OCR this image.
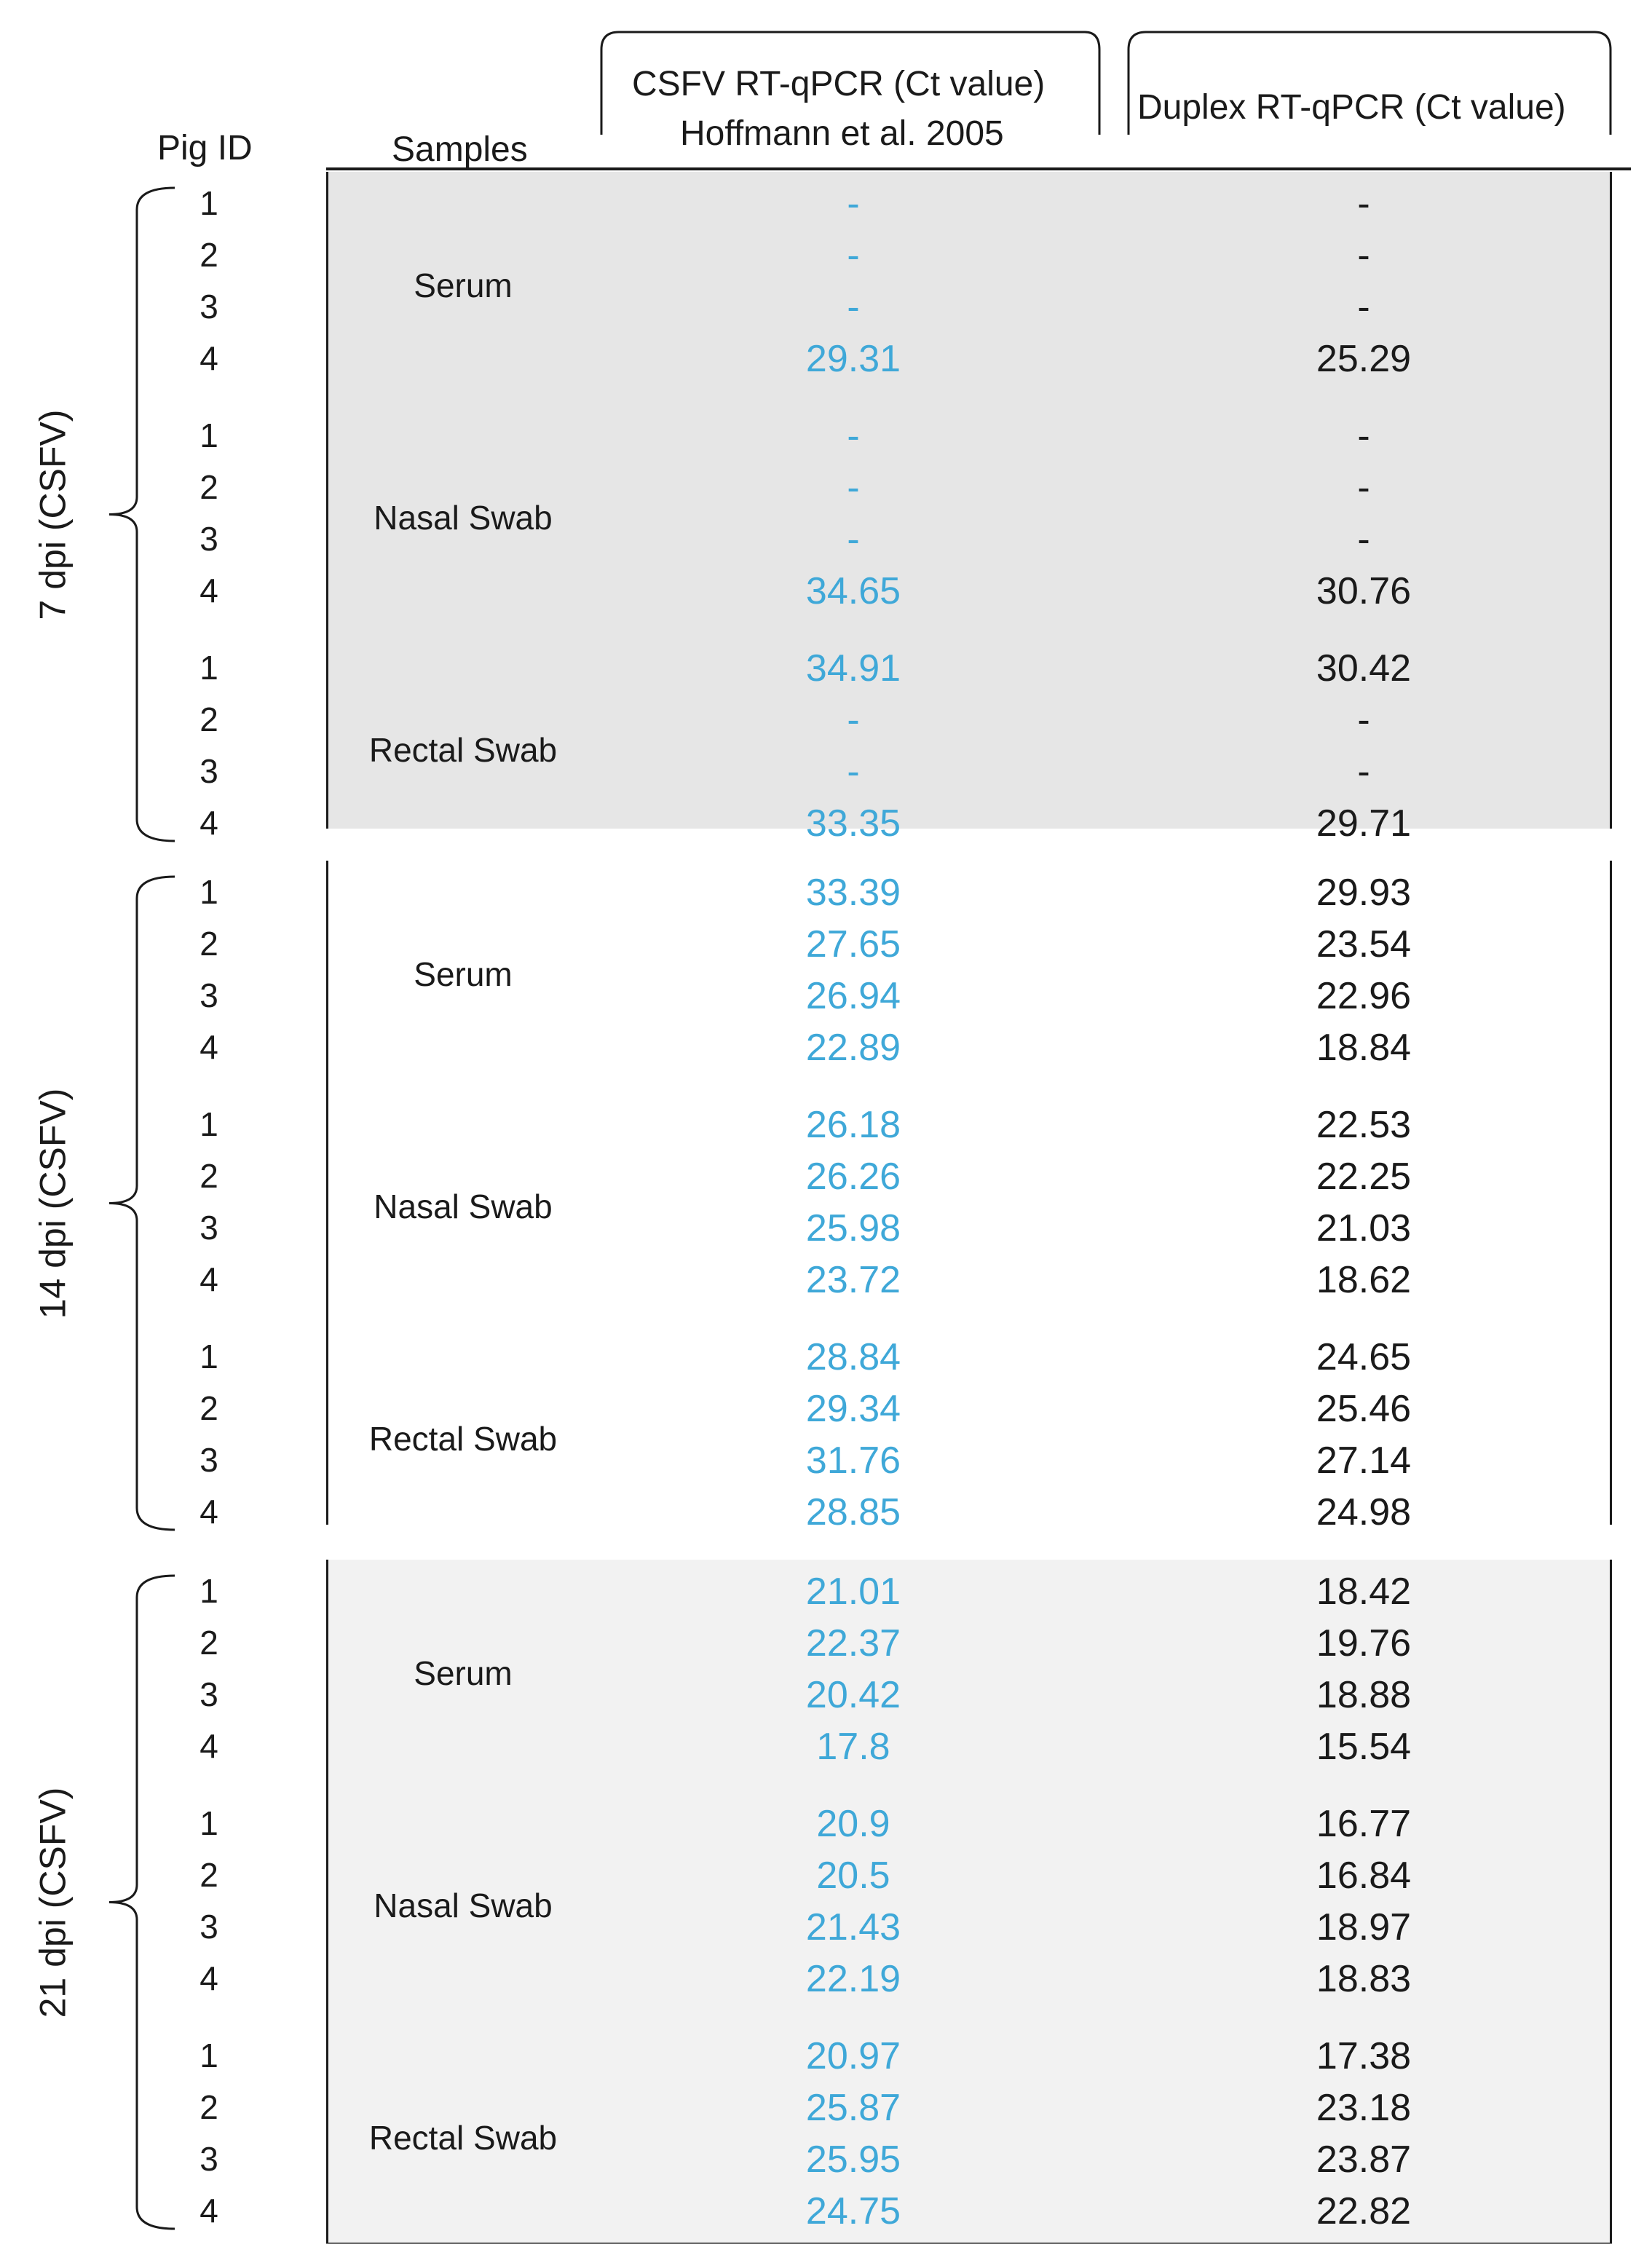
Pig ID	Samples
CSFV RT-qPCR (Ct value)
Hoffmann et al. 2005
Duplex RT-qPCR (Ct value)
1	-	-
2	-	-
3	-	-
4	29.31	25.29
Serum
1	-	-
2	-	-
3	-	-
4	34.65	30.76
Nasal Swab
1	34.91	30.42
2	-	-
3	-	-
4	33.35	29.71
Rectal Swab
7 dpi (CSFV)
1	33.39	29.93
2	27.65	23.54
3	26.94	22.96
4	22.89	18.84
Serum
1	26.18	22.53
2	26.26	22.25
3	25.98	21.03
4	23.72	18.62
Nasal Swab
1	28.84	24.65
2	29.34	25.46
3	31.76	27.14
4	28.85	24.98
Rectal Swab
14 dpi (CSFV)
1	21.01	18.42
2	22.37	19.76
3	20.42	18.88
4	17.8	15.54
Serum
1	20.9	16.77
2	20.5	16.84
3	21.43	18.97
4	22.19	18.83
Nasal Swab
1	20.97	17.38
2	25.87	23.18
3	25.95	23.87
4	24.75	22.82
Rectal Swab
21 dpi (CSFV)
